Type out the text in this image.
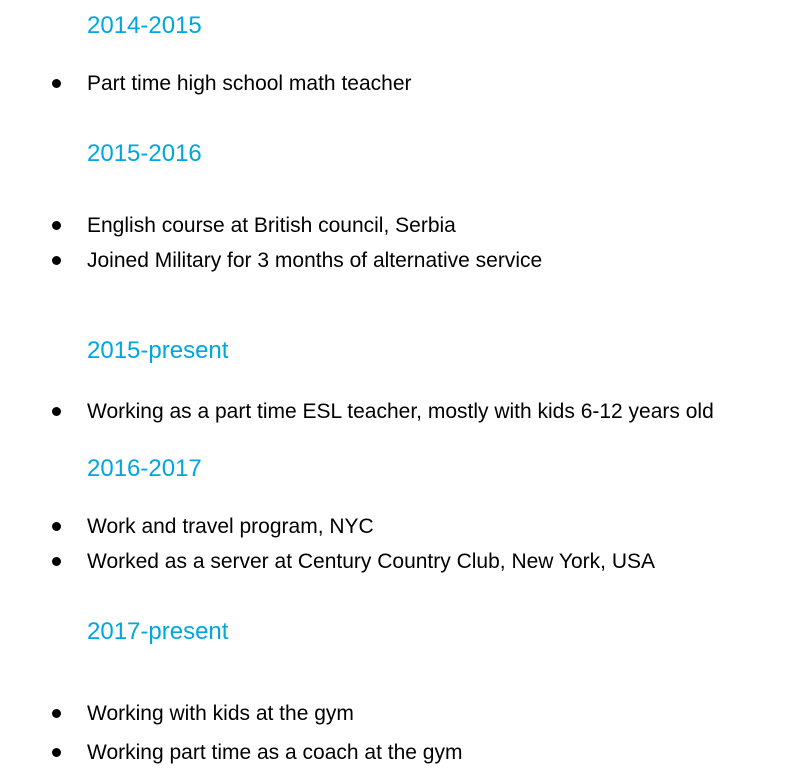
2014-2015
Part time high school math teacher
2015-2016
English course at British council, Serbia
Joined Military for 3 months of alternative service
2015-present
Working as a part time ESL teacher, mostly with kids 6-12 years old
2016-2017
Work and travel program, NYC
Worked as a server at Century Country Club, New York, USA
2017-present
Working with kids at the gym
Working part time as a coach at the gym
